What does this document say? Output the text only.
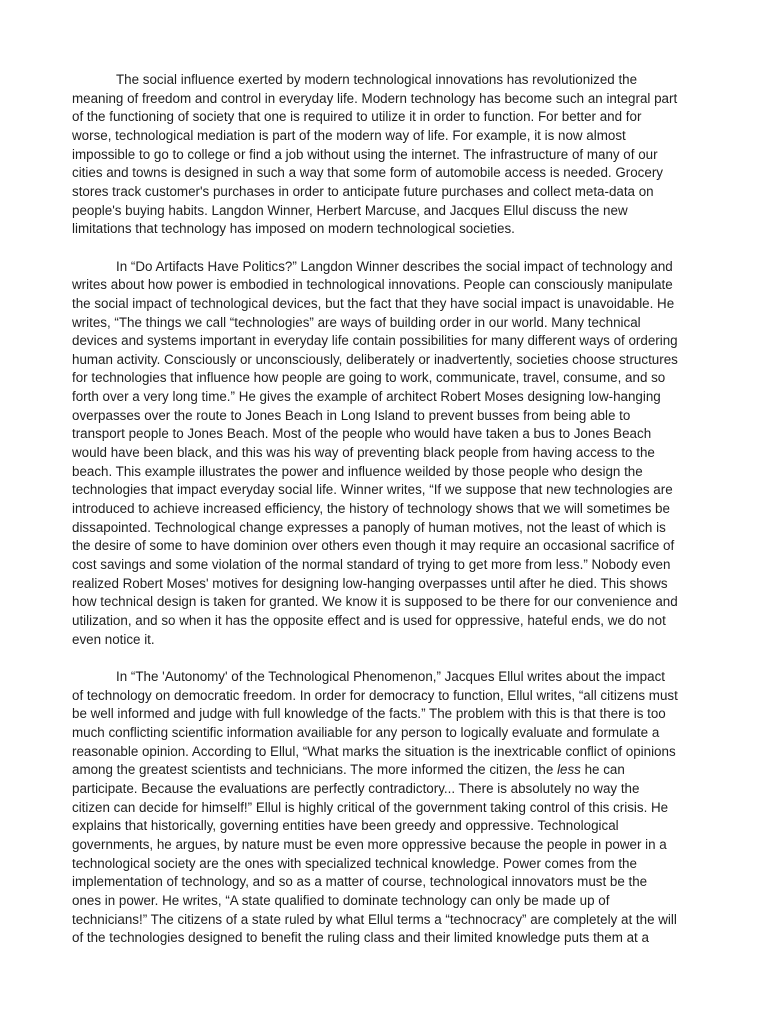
The social influence exerted by modern technological innovations has revolutionized the
meaning of freedom and control in everyday life. Modern technology has become such an integral part
of the functioning of society that one is required to utilize it in order to function. For better and for
worse, technological mediation is part of the modern way of life. For example, it is now almost
impossible to go to college or find a job without using the internet. The infrastructure of many of our
cities and towns is designed in such a way that some form of automobile access is needed. Grocery
stores track customer's purchases in order to anticipate future purchases and collect meta-data on
people's buying habits. Langdon Winner, Herbert Marcuse, and Jacques Ellul discuss the new
limitations that technology has imposed on modern technological societies.

In “Do Artifacts Have Politics?” Langdon Winner describes the social impact of technology and
writes about how power is embodied in technological innovations. People can consciously manipulate
the social impact of technological devices, but the fact that they have social impact is unavoidable. He
writes, “The things we call “technologies” are ways of building order in our world. Many technical
devices and systems important in everyday life contain possibilities for many different ways of ordering
human activity. Consciously or unconsciously, deliberately or inadvertently, societies choose structures
for technologies that influence how people are going to work, communicate, travel, consume, and so
forth over a very long time.” He gives the example of architect Robert Moses designing low-hanging
overpasses over the route to Jones Beach in Long Island to prevent busses from being able to
transport people to Jones Beach. Most of the people who would have taken a bus to Jones Beach
would have been black, and this was his way of preventing black people from having access to the
beach. This example illustrates the power and influence weilded by those people who design the
technologies that impact everyday social life. Winner writes, “If we suppose that new technologies are
introduced to achieve increased efficiency, the history of technology shows that we will sometimes be
dissapointed. Technological change expresses a panoply of human motives, not the least of which is
the desire of some to have dominion over others even though it may require an occasional sacrifice of
cost savings and some violation of the normal standard of trying to get more from less.” Nobody even
realized Robert Moses' motives for designing low-hanging overpasses until after he died. This shows
how technical design is taken for granted. We know it is supposed to be there for our convenience and
utilization, and so when it has the opposite effect and is used for oppressive, hateful ends, we do not
even notice it.

In “The 'Autonomy' of the Technological Phenomenon,” Jacques Ellul writes about the impact
of technology on democratic freedom. In order for democracy to function, Ellul writes, “all citizens must
be well informed and judge with full knowledge of the facts.” The problem with this is that there is too
much conflicting scientific information availiable for any person to logically evaluate and formulate a
reasonable opinion. According to Ellul, “What marks the situation is the inextricable conflict of opinions
among the greatest scientists and technicians. The more informed the citizen, the less he can
participate. Because the evaluations are perfectly contradictory... There is absolutely no way the
citizen can decide for himself!” Ellul is highly critical of the government taking control of this crisis. He
explains that historically, governing entities have been greedy and oppressive. Technological
governments, he argues, by nature must be even more oppressive because the people in power in a
technological society are the ones with specialized technical knowledge. Power comes from the
implementation of technology, and so as a matter of course, technological innovators must be the
ones in power. He writes, “A state qualified to dominate technology can only be made up of
technicians!” The citizens of a state ruled by what Ellul terms a “technocracy” are completely at the will
of the technologies designed to benefit the ruling class and their limited knowledge puts them at a
